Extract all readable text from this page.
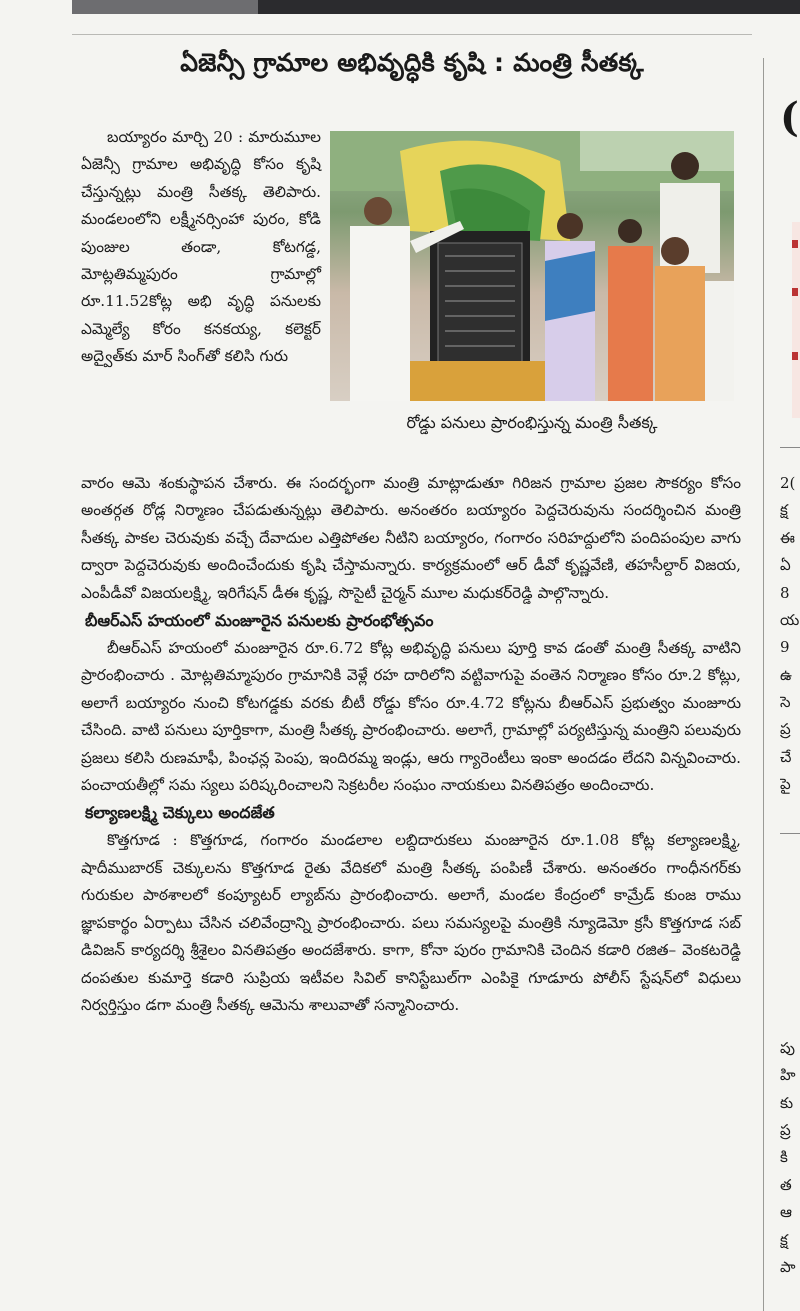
ఏజెన్సీ గ్రామాల అభివృద్ధికి కృషి : మంత్రి సీతక్క
రోడ్డు పనులు ప్రారంభిస్తున్న మంత్రి సీతక్క

బయ్యారం మార్చి 20 : మారుమూల ఏజెన్సీ గ్రామాల అభివృద్ధి కోసం కృషి చేస్తున్నట్లు మంత్రి సీతక్క తెలిపారు. మండలంలోని లక్ష్మీనర్సింహా పురం, కోడి పుంజుల తండా, కోటగడ్డ, మోట్లతిమ్మపురం గ్రామాల్లో రూ.11.52కోట్ల అభి వృద్ధి పనులకు ఎమ్మెల్యే కోరం కనకయ్య, కలెక్టర్ అద్వైత్‌కు మార్ సింగ్‌తో కలిసి గురు

వారం ఆమె శంకుస్థాపన చేశారు. ఈ సందర్భంగా మంత్రి మాట్లాడుతూ గిరిజన గ్రామాల ప్రజల సౌకర్యం కోసం అంతర్గత రోడ్ల నిర్మాణం చేపడుతున్నట్లు తెలిపారు. అనంతరం బయ్యారం పెద్దచెరువును సందర్శించిన మంత్రి సీతక్క పాకల చెరువుకు వచ్చే దేవాదుల ఎత్తిపోతల నీటిని బయ్యారం, గంగారం సరిహద్దులోని పందిపంపుల వాగు ద్వారా పెద్దచెరువుకు అందించేందుకు కృషి చేస్తామన్నారు. కార్యక్రమంలో ఆర్ డీవో కృష్ణవేణి, తహసీల్దార్ విజయ, ఎంపీడీవో విజయలక్ష్మి, ఇరిగేషన్ డీఈ కృష్ణ, సొసైటీ చైర్మన్ మూల మధుకర్‌రెడ్డి పాల్గొన్నారు.

బీఆర్ఎస్ హయంలో మంజూరైన పనులకు ప్రారంభోత్సవం

బీఆర్ఎస్ హయంలో మంజూరైన రూ.6.72 కోట్ల అభివృద్ధి పనులు పూర్తి కావ డంతో మంత్రి సీతక్క వాటిని ప్రారంభించారు . మోట్లతిమ్మాపురం గ్రామానికి వెళ్లే రహ దారిలోని వట్టివాగుపై వంతెన నిర్మాణం కోసం రూ.2 కోట్లు, అలాగే బయ్యారం నుంచి కోటగడ్డకు వరకు బీటీ రోడ్డు కోసం రూ.4.72 కోట్లను బీఆర్ఎస్ ప్రభుత్వం మంజూరు చేసింది. వాటి పనులు పూర్తికాగా, మంత్రి సీతక్క ప్రారంభించారు. అలాగే, గ్రామాల్లో పర్యటిస్తున్న మంత్రిని పలువురు ప్రజలు కలిసి రుణమాఫీ, పింఛన్ల పెంపు, ఇందిరమ్మ ఇండ్లు, ఆరు గ్యారెంటీలు ఇంకా అందడం లేదని విన్నవించారు. పంచాయతీల్లో సమ స్యలు పరిష్కరించాలని సెక్రటరీల సంఘం నాయకులు వినతిపత్రం అందించారు.

కల్యాణలక్ష్మి చెక్కులు అందజేత

కొత్తగూడ : కొత్తగూడ, గంగారం మండలాల లబ్దిదారుకలు మంజూరైన రూ.1.08 కోట్ల కల్యాణలక్ష్మి, షాదీముబారక్ చెక్కులను కొత్తగూడ రైతు వేదికలో మంత్రి సీతక్క పంపిణీ చేశారు. అనంతరం గాంధీనగర్‌కు గురుకుల పాఠశాలలో కంప్యూటర్ ల్యాబ్‌ను ప్రారంభించారు. అలాగే, మండల కేంద్రంలో కామ్రేడ్ కుంజ రాము జ్ఞాపకార్థం ఏర్పాటు చేసిన చలివేంద్రాన్ని ప్రారంభించారు. పలు సమస్యలపై మంత్రికి న్యూడెమో క్రసీ కొత్తగూడ సబ్ డివిజన్ కార్యదర్శి శ్రీశైలం వినతిపత్రం అందజేశారు. కాగా, కోనా పురం గ్రామానికి చెందిన కడారి రజిత– వెంకటరెడ్డి దంపతుల కుమార్తె కడారి సుప్రియ ఇటీవల సివిల్ కానిస్టేబుల్‌గా ఎంపికై గూడూరు పోలీస్ స్టేషన్‌లో విధులు నిర్వర్తిస్తుం డగా మంత్రి సీతక్క ఆమెను శాలువాతో సన్మానించారు.

(
2(
క్ష
ఈ
ఏ
8
య
9
ఉ
సె
ప్ర
చే
పై
పు
హి
కు
ప్ర
కి
త
ఆ
క్ష
పా
